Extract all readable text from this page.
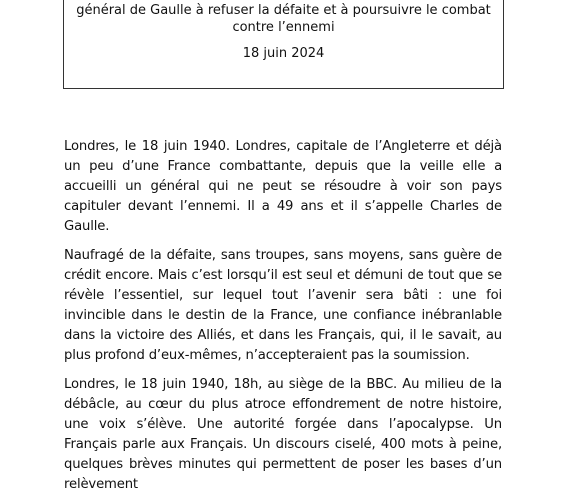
général de Gaulle à refuser la défaite et à poursuivre le combat

contre l’ennemi

18 juin 2024

Londres, le 18 juin 1940. Londres, capitale de l’Angleterre et déjà un peu d’une France combattante, depuis que la veille elle a accueilli un général qui ne peut se résoudre à voir son pays capituler devant l’ennemi. Il a 49 ans et il s’appelle Charles de Gaulle.

Naufragé de la défaite, sans troupes, sans moyens, sans guère de crédit encore. Mais c’est lorsqu’il est seul et démuni de tout que se révèle l’essentiel, sur lequel tout l’avenir sera bâti : une foi invincible dans le destin de la France, une confiance inébranlable dans la victoire des Alliés, et dans les Français, qui, il le savait, au plus profond d’eux-mêmes, n’accepteraient pas la soumission.

Londres, le 18 juin 1940, 18h, au siège de la BBC. Au milieu de la débâcle, au cœur du plus atroce effondrement de notre histoire, une voix s’élève. Une autorité forgée dans l’apocalypse. Un Français parle aux Français. Un discours ciselé, 400 mots à peine, quelques brèves minutes qui permettent de poser les bases d’un relèvement
